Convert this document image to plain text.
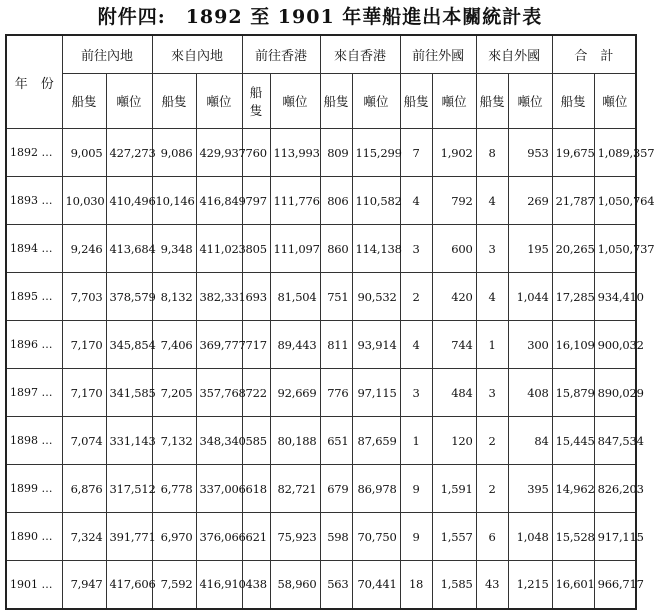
附件四:　1892 至 1901 年華船進出本關統計表
年　份	前往內地		來自內地		前往香港		來自香港		前往外國		來自外國		合　計	
	船隻	噸位	船隻	噸位	船隻	噸位	船隻	噸位	船隻	噸位	船隻	噸位	船隻	噸位
1892 …	9,005	427,273	9,086	429,937	760	113,993	809	115,299	7	1,902	8	953	19,675	1,089,357
1893 …	10,030	410,496	10,146	416,849	797	111,776	806	110,582	4	792	4	269	21,787	1,050,764
1894 …	9,246	413,684	9,348	411,023	805	111,097	860	114,138	3	600	3	195	20,265	1,050,737
1895 …	7,703	378,579	8,132	382,331	693	81,504	751	90,532	2	420	4	1,044	17,285	934,410
1896 …	7,170	345,854	7,406	369,777	717	89,443	811	93,914	4	744	1	300	16,109	900,032
1897 …	7,170	341,585	7,205	357,768	722	92,669	776	97,115	3	484	3	408	15,879	890,029
1898 …	7,074	331,143	7,132	348,340	585	80,188	651	87,659	1	120	2	84	15,445	847,534
1899 …	6,876	317,512	6,778	337,006	618	82,721	679	86,978	9	1,591	2	395	14,962	826,203
1890 …	7,324	391,771	6,970	376,066	621	75,923	598	70,750	9	1,557	6	1,048	15,528	917,115
1901 …	7,947	417,606	7,592	416,910	438	58,960	563	70,441	18	1,585	43	1,215	16,601	966,717
